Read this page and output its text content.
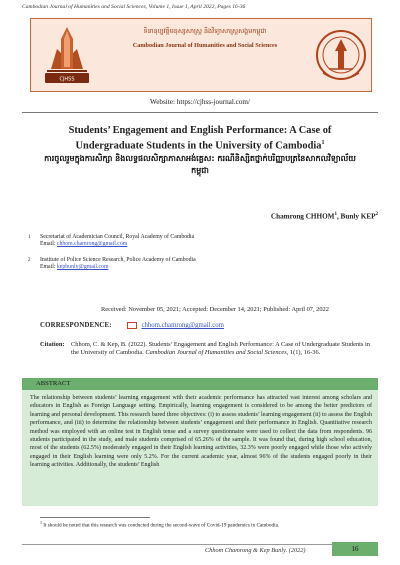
Cambodian Journal of Humanities and Social Sciences, Volume 1, Issue 1, April 2022, Pages 16-36
CJHSS
ទិនានុប្បវត្តិមនុស្សសាស្ត្រ និងវិទ្យាសាស្ត្រសង្គមកម្ពុជា
Cambodian Journal of Humanities and Social Sciences
Website: https://cjhss-journal.com/
Students’ Engagement and English Performance: A Case of Undergraduate Students in the University of Cambodia$^1$
ការចូលរួមក្នុងការសិក្សា និងលទ្ធផលសិក្សាភាសាអង់គ្លេស: ករណីនិស្សិតថ្នាក់បរិញ្ញាបត្រនៃសាកលវិទ្យាល័យកម្ពុជា
Chamrong CHHOM$^1$, Bunly KEP$^2$
1 Secretariat of Academician Council, Royal Academy of Cambodia
Email: chhom.chamrong@gmail.com
2 Institute of Police Science Research, Police Academy of Cambodia
Email: kepbunly@gmail.com
Received: November 05, 2021; Accepted: December 14, 2021; Published: April 07, 2022
CORRESPONDENCE:	chhom.chamrong@gmail.com
Citation: Chhom, C. & Kep, B. (2022). Students’ Engagement and English Performance: A Case of Undergraduate Students in the University of Cambodia. Cambodian Journal of Humanities and Social Sciences, 1(1), 16-36.
ABSTRACT
The relationship between students’ learning engagement with their academic performance has attracted vast interest among scholars and educators in English as Foreign Language setting. Empirically, learning engagement is considered to be among the better predictors of learning and personal development. This research bared three objectives: (i) to assess students’ learning engagement (ii) to assess the English performance, and (iii) to determine the relationship between students’ engagement and their performance in English. Quantitative research method was employed with an online test in English tense and a survey questionnaire were used to collect the data from respondents. 96 students participated in the study, and male students comprised of 65.26% of the sample. It was found that, during high school education, most of the students (62.5%) moderately engaged in their English learning activities, 32.3% were poorly engaged while those who actively engaged in their English learning were only 5.2%. For the current academic year, almost 96% of the students engaged poorly in their learning activities. Additionally, the students’ English
$^1$ It should be noted that this research was conducted during the second-wave of Covid-19 pandemics in Cambodia.
Chhom Chamrong & Kep Bunly. (2022)	16
